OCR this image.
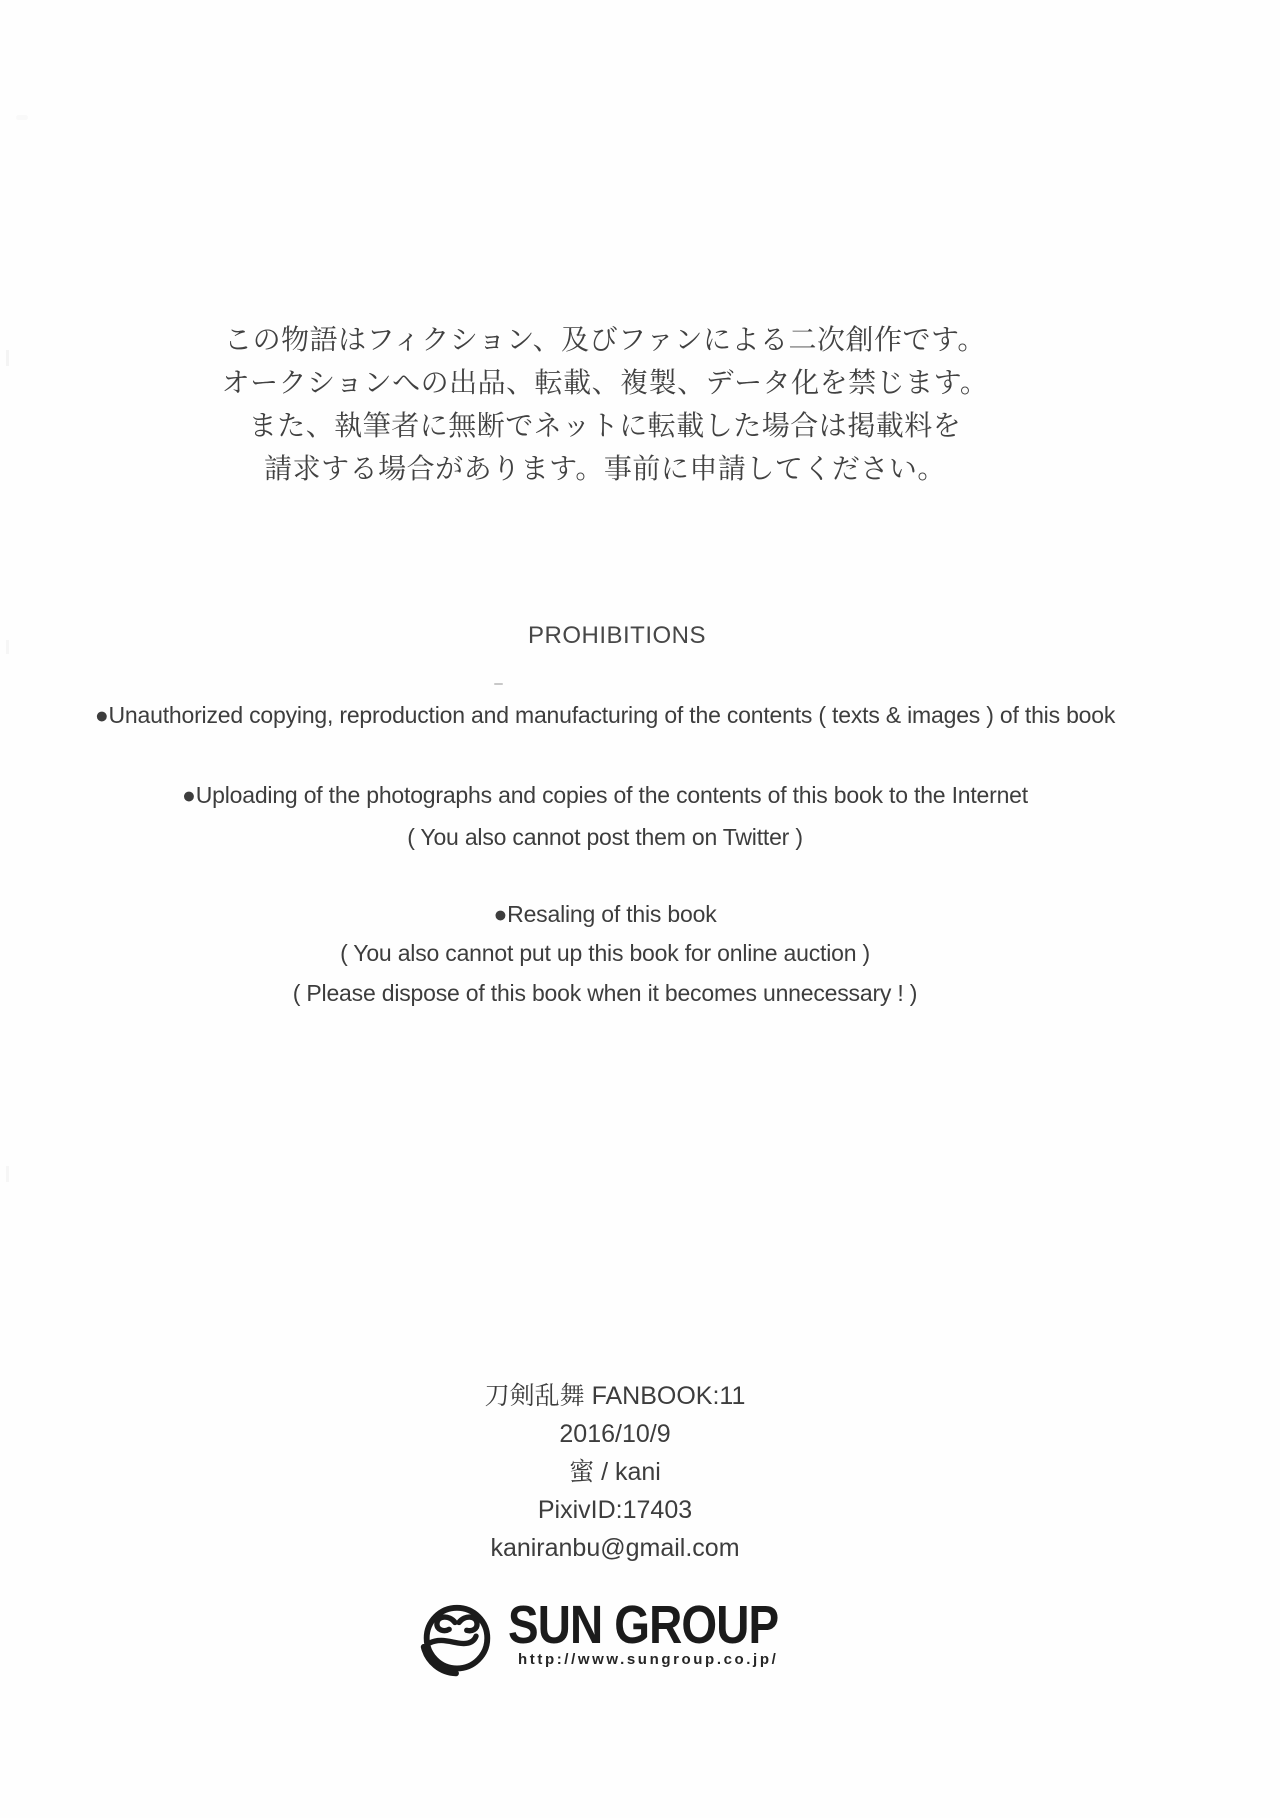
この物語はフィクション、及びファンによる二次創作です。
オークションへの出品、転載、複製、データ化を禁じます。
また、執筆者に無断でネットに転載した場合は掲載料を
請求する場合があります。事前に申請してください。
PROHIBITIONS
●Unauthorized copying, reproduction and manufacturing of the contents ( texts & images ) of this book
●Uploading of the photographs and copies of the contents of this book to the Internet
( You also cannot post them on Twitter )
●Resaling of this book
( You also cannot put up this book for online auction )
( Please dispose of this book when it becomes unnecessary ! )
刀剣乱舞 FANBOOK:11
2016/10/9
蜜 / kani
PixivID:17403
kaniranbu@gmail.com
SUN GROUP
http://www.sungroup.co.jp/
